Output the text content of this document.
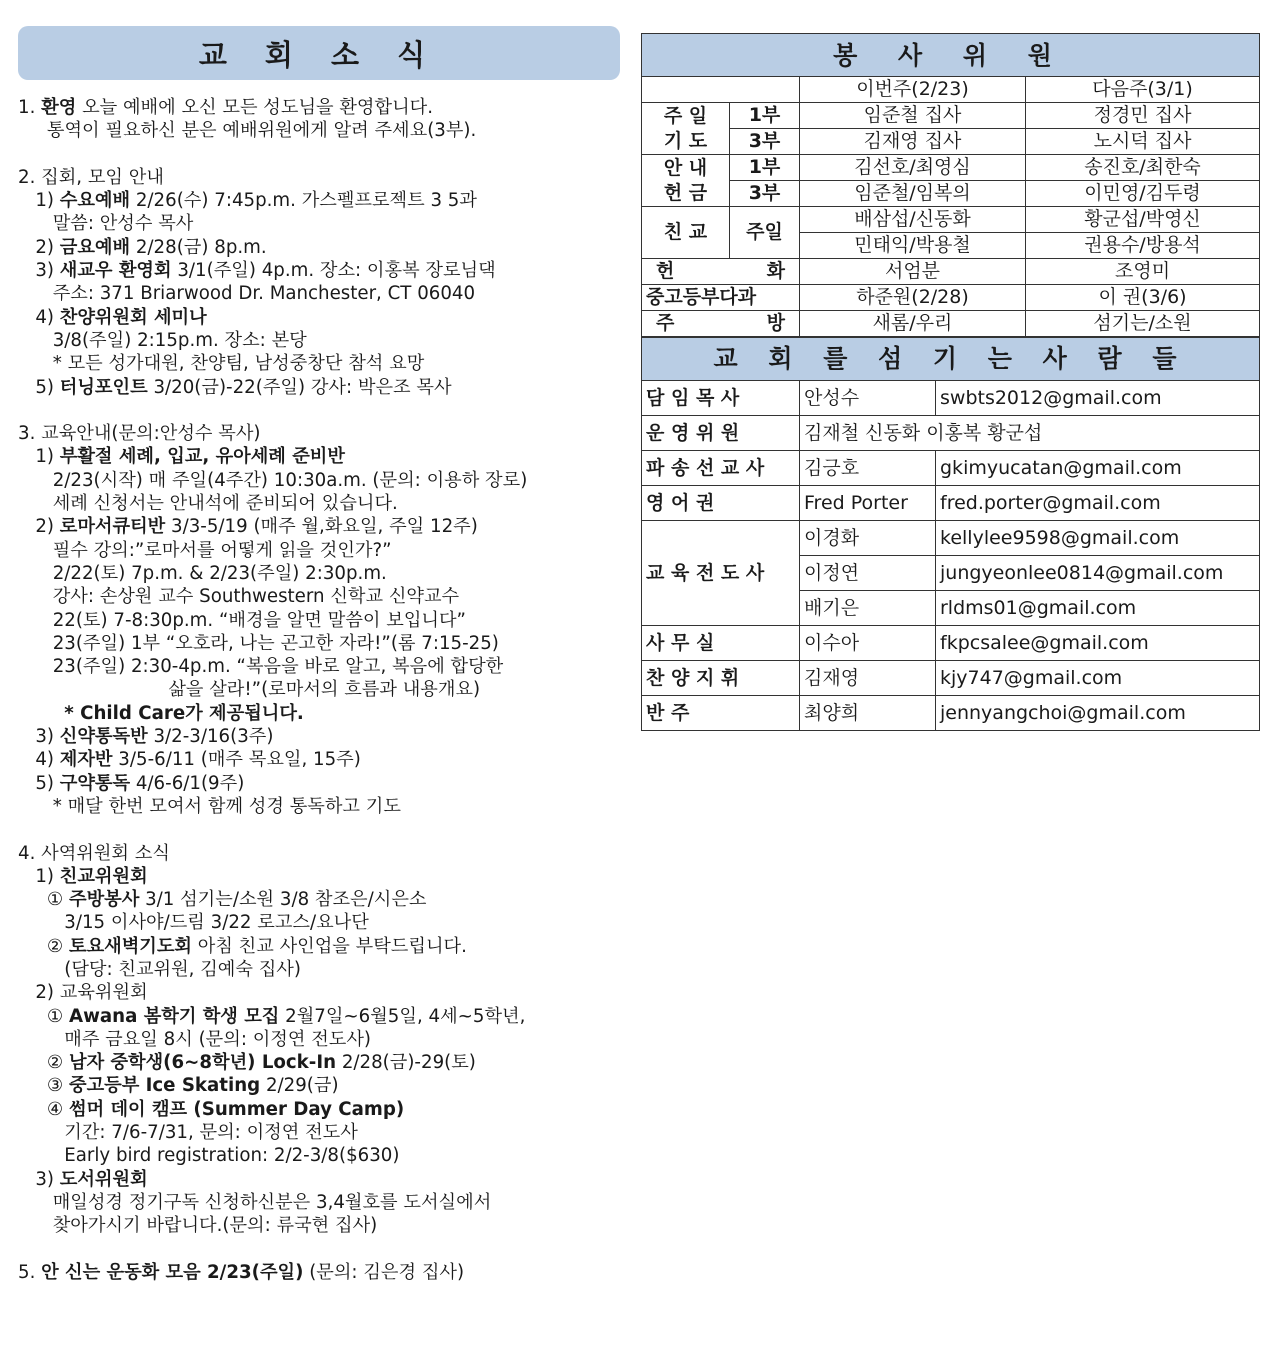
교 회 소 식
1. 환영 오늘 예배에 오신 모든 성도님을 환영합니다.
통역이 필요하신 분은 예배위원에게 알려 주세요(3부).

2. 집회, 모임 안내
1) 수요예배 2/26(수) 7:45p.m. 가스펠프로젝트 3 5과
말씀: 안성수 목사
2) 금요예배 2/28(금) 8p.m.
3) 새교우 환영회 3/1(주일) 4p.m. 장소: 이홍복 장로님댁
주소: 371 Briarwood Dr. Manchester, CT 06040
4) 찬양위원회 세미나
3/8(주일) 2:15p.m. 장소: 본당
* 모든 성가대원, 찬양팀, 남성중창단 참석 요망
5) 터닝포인트 3/20(금)-22(주일) 강사: 박은조 목사

3. 교육안내(문의:안성수 목사)
1) 부활절 세례, 입교, 유아세례 준비반
2/23(시작) 매 주일(4주간) 10:30a.m. (문의: 이용하 장로)
세례 신청서는 안내석에 준비되어 있습니다.
2) 로마서큐티반 3/3-5/19 (매주 월,화요일, 주일 12주)
필수 강의:”로마서를 어떻게 읽을 것인가?”
2/22(토) 7p.m. & 2/23(주일) 2:30p.m.
강사: 손상원 교수 Southwestern 신학교 신약교수
22(토) 7-8:30p.m. “배경을 알면 말씀이 보입니다”
23(주일) 1부 “오호라, 나는 곤고한 자라!”(롬 7:15-25)
23(주일) 2:30-4p.m. “복음을 바로 알고, 복음에 합당한
삶을 살라!”(로마서의 흐름과 내용개요)
* Child Care가 제공됩니다.
3) 신약통독반 3/2-3/16(3주)
4) 제자반 3/5-6/11 (매주 목요일, 15주)
5) 구약통독 4/6-6/1(9주)
* 매달 한번 모여서 함께 성경 통독하고 기도

4. 사역위원회 소식
1) 친교위원회
① 주방봉사 3/1 섬기는/소원 3/8 참조은/시은소
3/15 이사야/드림 3/22 로고스/요나단
② 토요새벽기도회 아침 친교 사인업을 부탁드립니다.
(담당: 친교위원, 김예숙 집사)
2) 교육위원회
① Awana 봄학기 학생 모집 2월7일~6월5일, 4세~5학년,
매주 금요일 8시 (문의: 이정연 전도사)
② 남자 중학생(6~8학년) Lock-In 2/28(금)-29(토)
③ 중고등부 Ice Skating 2/29(금)
④ 썸머 데이 캠프 (Summer Day Camp)
기간: 7/6-7/31, 문의: 이정연 전도사
Early bird registration: 2/2-3/8($630)
3) 도서위원회
매일성경 정기구독 신청하신분은 3,4월호를 도서실에서
찾아가시기 바랍니다.(문의: 류국현 집사)

5. 안 신는 운동화 모음 2/23(주일) (문의: 김은경 집사)
봉 사 위 원			
		이번주(2/23)	다음주(3/1)
주 일
기 도	1부	임준철 집사	정경민 집사
	3부	김재영 집사	노시덕 집사
안 내
헌 금	1부	김선호/최영심	송진호/최한숙
	3부	임준철/임복의	이민영/김두령
친 교	주일	배삼섭/신동화	황군섭/박영신
		민태익/박용철	권용수/방용석

헌 화		서엄분	조영미
중고등부다과		하준원(2/28)	이 권(3/6)

주 방		새롬/우리	섬기는/소원
교 회 를 섬 기 는 사 람 들		
담 임 목 사	안성수	swbts2012@gmail.com
운 영 위 원	김재철 신동화 이홍복 황군섭	
파 송 선 교 사	김긍호	gkimyucatan@gmail.com
영 어 권	Fred Porter	fred.porter@gmail.com
교 육 전 도 사	이경화	kellylee9598@gmail.com
	이정연	jungyeonlee0814@gmail.com
	배기은	rldms01@gmail.com
사 무 실	이수아	fkpcsalee@gmail.com
찬 양 지 휘	김재영	kjy747@gmail.com
반 주	최양희	jennyangchoi@gmail.com
